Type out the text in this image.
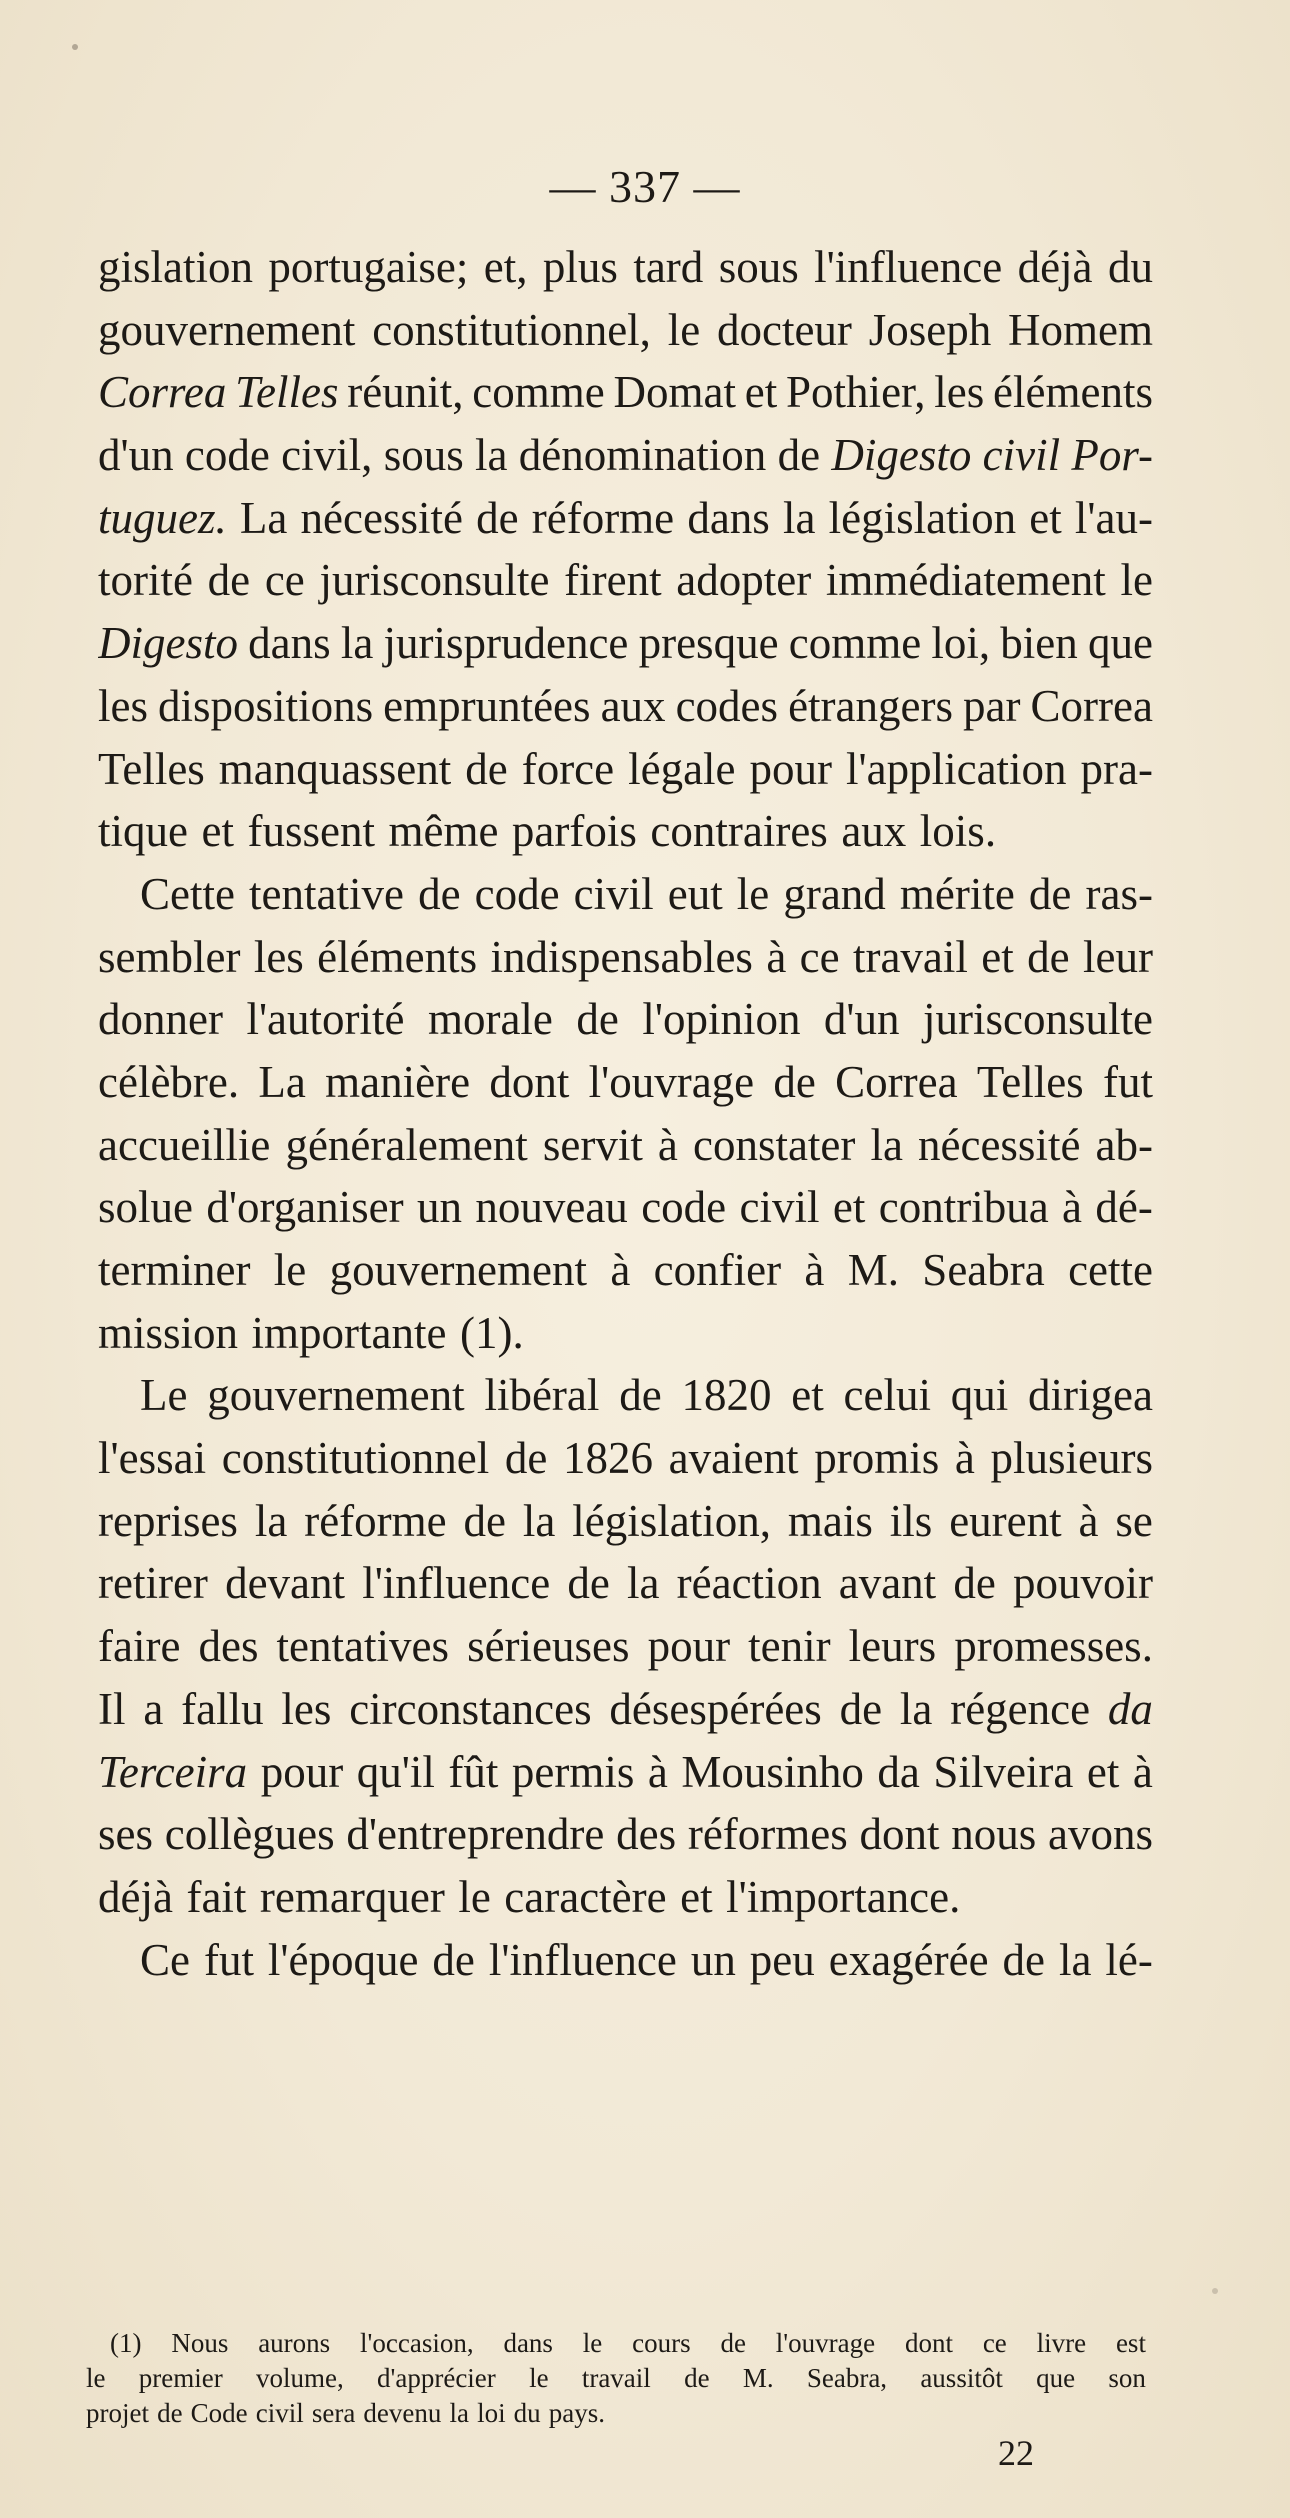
— 337 —
gislation portugaise; et, plus tard sous l'influence déjà du
gouvernement constitutionnel, le docteur Joseph Homem
Correa Telles réunit, comme Domat et Pothier, les éléments
d'un code civil, sous la dénomination de Digesto civil Por-
tuguez. La nécessité de réforme dans la législation et l'au-
torité de ce jurisconsulte firent adopter immédiatement le
Digesto dans la jurisprudence presque comme loi, bien que
les dispositions empruntées aux codes étrangers par Correa
Telles manquassent de force légale pour l'application pra-
tique et fussent même parfois contraires aux lois.
Cette tentative de code civil eut le grand mérite de ras-
sembler les éléments indispensables à ce travail et de leur
donner l'autorité morale de l'opinion d'un jurisconsulte
célèbre. La manière dont l'ouvrage de Correa Telles fut
accueillie généralement servit à constater la nécessité ab-
solue d'organiser un nouveau code civil et contribua à dé-
terminer le gouvernement à confier à M. Seabra cette
mission importante (1).
Le gouvernement libéral de 1820 et celui qui dirigea
l'essai constitutionnel de 1826 avaient promis à plusieurs
reprises la réforme de la législation, mais ils eurent à se
retirer devant l'influence de la réaction avant de pouvoir
faire des tentatives sérieuses pour tenir leurs promesses.
Il a fallu les circonstances désespérées de la régence da
Terceira pour qu'il fût permis à Mousinho da Silveira et à
ses collègues d'entreprendre des réformes dont nous avons
déjà fait remarquer le caractère et l'importance.
Ce fut l'époque de l'influence un peu exagérée de la lé-
(1) Nous aurons l'occasion, dans le cours de l'ouvrage dont ce livre est
le premier volume, d'apprécier le travail de M. Seabra, aussitôt que son
projet de Code civil sera devenu la loi du pays.
22
